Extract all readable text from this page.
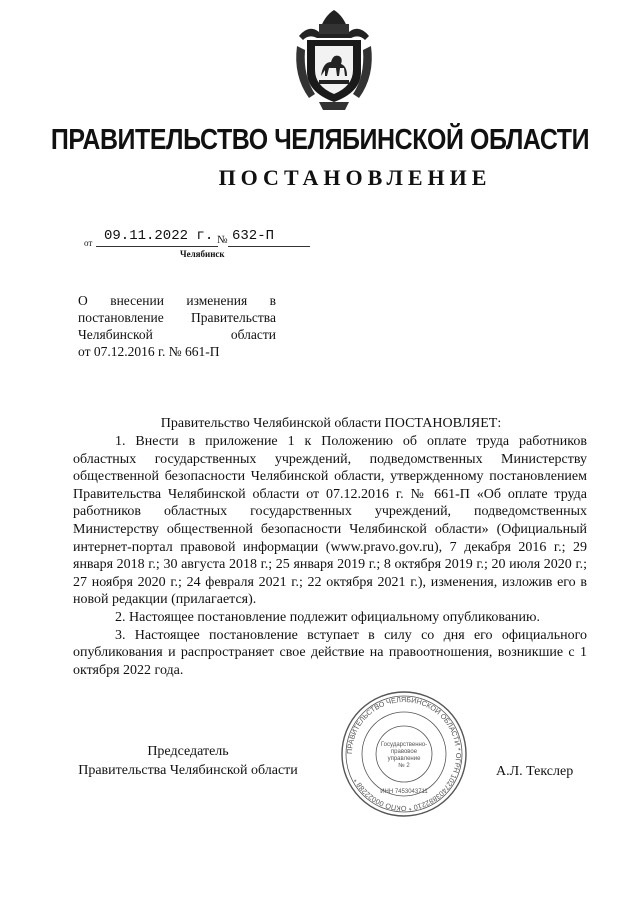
ПРАВИТЕЛЬСТВО ЧЕЛЯБИНСКОЙ ОБЛАСТИ
ПОСТАНОВЛЕНИЕ
от 09.11.2022 г. № 632-П
Челябинск
О внесении изменения в
постановление Правительства
Челябинской области
от 07.12.2016 г. № 661-П
Правительство Челябинской области ПОСТАНОВЛЯЕТ:

1. Внести в приложение 1 к Положению об оплате труда работников областных государственных учреждений, подведомственных Министерству общественной безопасности Челябинской области, утвержденному постановлением Правительства Челябинской области от 07.12.2016 г. № 661-П «Об оплате труда работников областных государственных учреждений, подведомственных Министерству общественной безопасности Челябинской области» (Официальный интернет-портал правовой информации (www.pravo.gov.ru), 7 декабря 2016 г.; 29 января 2018 г.; 30 августа 2018 г.; 25 января 2019 г.; 8 октября 2019 г.; 20 июля 2020 г.; 27 ноября 2020 г.; 24 февраля 2021 г.; 22 октября 2021 г.), изменения, изложив его в новой редакции (прилагается).

2. Настоящее постановление подлежит официальному опубликованию.

3. Настоящее постановление вступает в силу со дня его официального опубликования и распространяет свое действие на правоотношения, возникшие с 1 октября 2022 года.

Председатель
Правительства Челябинской области
ПРАВИТЕЛЬСТВО ЧЕЛЯБИНСКОЙ ОБЛАСТИ * ОГРН 1027403882210 * ОКПО 00022288 *
Государственно-
правовое
управление
№ 2
ИНН 7453043711
А.Л. Текслер
